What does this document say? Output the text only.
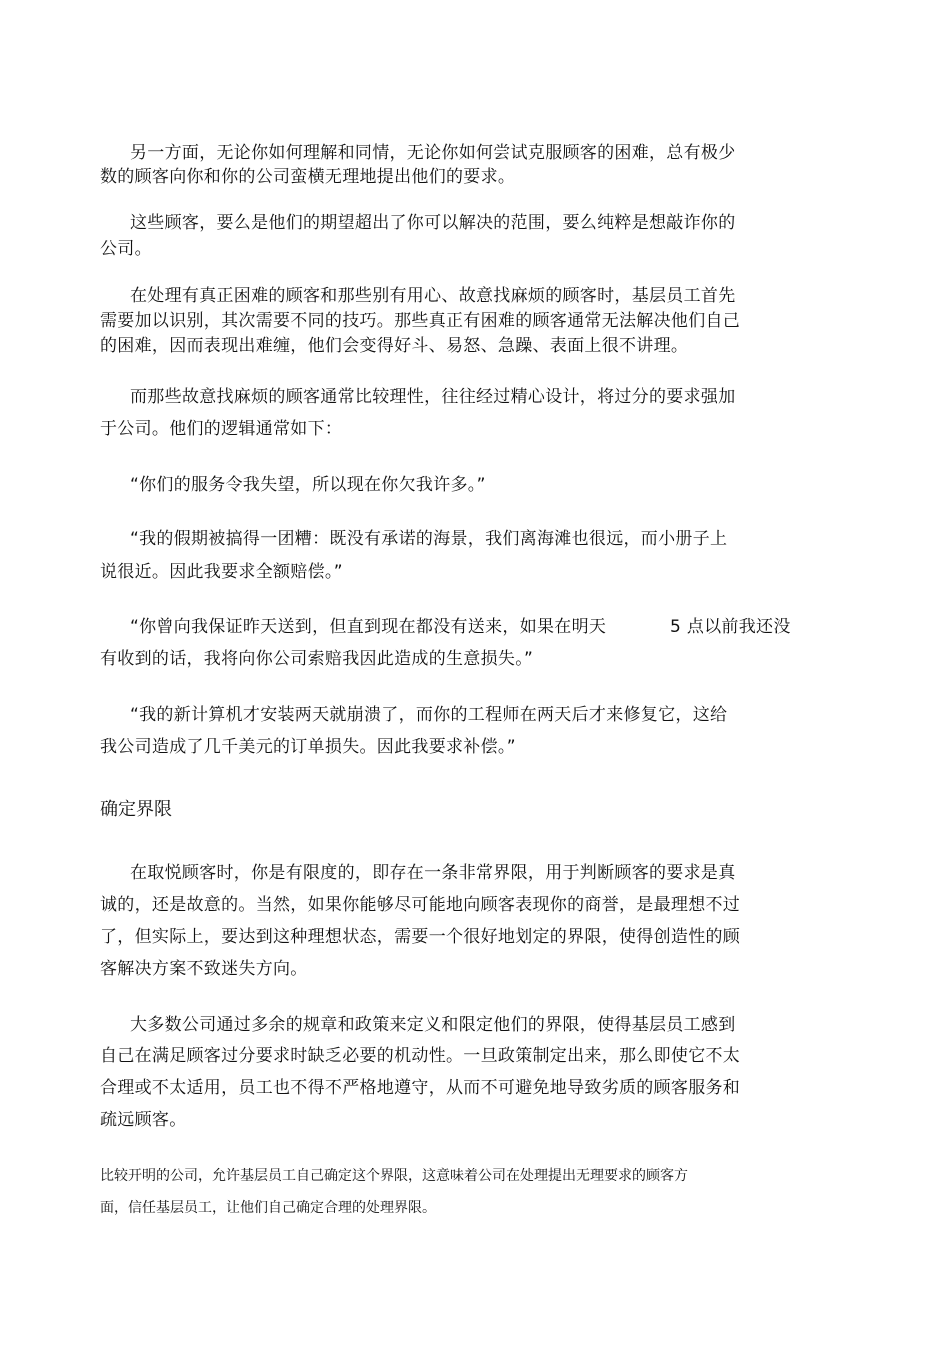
另一方面，无论你如何理解和同情，无论你如何尝试克服顾客的困难，总有极少
数的顾客向你和你的公司蛮横无理地提出他们的要求。
这些顾客，要么是他们的期望超出了你可以解决的范围，要么纯粹是想敲诈你的
公司。
在处理有真正困难的顾客和那些别有用心、故意找麻烦的顾客时，基层员工首先
需要加以识别，其次需要不同的技巧。那些真正有困难的顾客通常无法解决他们自己
的困难，因而表现出难缠，他们会变得好斗、易怒、急躁、表面上很不讲理。
而那些故意找麻烦的顾客通常比较理性，往往经过精心设计，将过分的要求强加
于公司。他们的逻辑通常如下：
“你们的服务令我失望，所以现在你欠我许多。”
“我的假期被搞得一团糟：既没有承诺的海景，我们离海滩也很远，而小册子上
说很近。因此我要求全额赔偿。”
“你曾向我保证昨天送到，但直到现在都没有送来，如果在明天	5 点以前我还没
有收到的话，我将向你公司索赔我因此造成的生意损失。”
“我的新计算机才安装两天就崩溃了，而你的工程师在两天后才来修复它，这给
我公司造成了几千美元的订单损失。因此我要求补偿。”
确定界限
在取悦顾客时，你是有限度的，即存在一条非常界限，用于判断顾客的要求是真
诚的，还是故意的。当然，如果你能够尽可能地向顾客表现你的商誉，是最理想不过
了，但实际上，要达到这种理想状态，需要一个很好地划定的界限，使得创造性的顾
客解决方案不致迷失方向。
大多数公司通过多余的规章和政策来定义和限定他们的界限，使得基层员工感到
自己在满足顾客过分要求时缺乏必要的机动性。一旦政策制定出来，那么即使它不太
合理或不太适用，员工也不得不严格地遵守，从而不可避免地导致劣质的顾客服务和
疏远顾客。
比较开明的公司，允许基层员工自己确定这个界限，这意味着公司在处理提出无理要求的顾客方
面，信任基层员工，让他们自己确定合理的处理界限。
